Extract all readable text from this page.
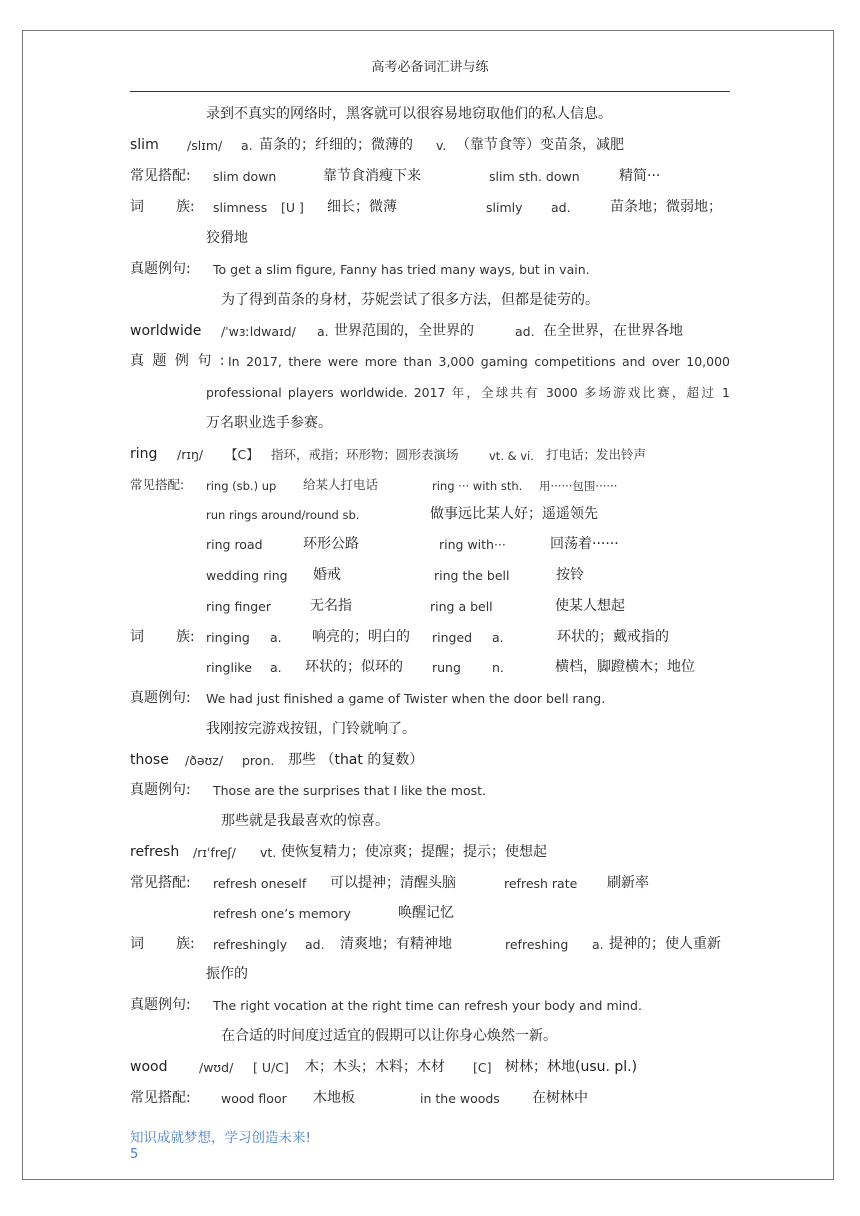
高考必备词汇讲与练
录到不真实的网络时，黑客就可以很容易地窃取他们的私人信息。
slim /slɪm/ a. 苗条的；纤细的；微薄的 v. （靠节食等）变苗条，减肥
常见搭配: slim down	靠节食消瘦下来	slim sth. down	精简···
词 族: slimness [U ] 细长；微薄	slimly ad.	苗条地；微弱地；
狡猾地
真题例句: To get a slim figure, Fanny has tried many ways, but in vain.
为了得到苗条的身材，芬妮尝试了很多方法，但都是徒劳的。
worldwide /ˈwɜːldwaɪd/ a. 世界范围的，全世界的	ad. 在全世界，在世界各地
真 题 例 句 : In 2017, there were more than 3,000 gaming competitions and over 10,000
professional players worldwide. 2017 年，全球共有 3000 多场游戏比赛，超过 1
万名职业选手参赛。
ring /rɪŋ/ 【C】 指环，戒指；环形物；圆形表演场	vt. & vi. 打电话；发出铃声
常见搭配: ring (sb.) up 给某人打电话	ring ··· with sth. 用······包围······
run rings around/round sb.	做事远比某人好；遥遥领先
ring road	环形公路	ring with···	回荡着······
wedding ring 婚戒	ring the bell	按铃
ring finger	无名指	ring a bell	使某人想起
词 族: ringing a. 响亮的；明白的 ringed a.	环状的；戴戒指的
ringlike a. 环状的；似环的 rung n.	横档，脚蹬横木；地位
真题例句: We had just finished a game of Twister when the door bell rang.
我刚按完游戏按钮，门铃就响了。
those /ðəʊz/ pron. 那些 （that 的复数）
真题例句: Those are the surprises that I like the most.
那些就是我最喜欢的惊喜。
refresh /rɪˈfreʃ/ vt. 使恢复精力；使凉爽；提醒；提示；使想起
常见搭配: refresh oneself 可以提神；清醒头脑	refresh rate 刷新率
refresh one’s memory	唤醒记忆
词 族: refreshingly ad. 清爽地；有精神地	refreshing a. 提神的；使人重新
振作的
真题例句: The right vocation at the right time can refresh your body and mind.
在合适的时间度过适宜的假期可以让你身心焕然一新。
wood	/wʊd/ [ U/C] 木；木头；木料；木材 [C] 树林；林地(usu. pl.)
常见搭配: wood floor 木地板	in the woods 在树林中
知识成就梦想，学习创造未来!
5
